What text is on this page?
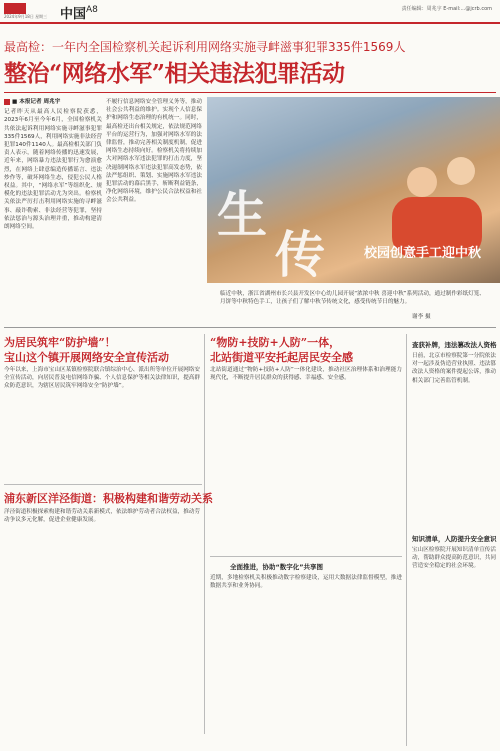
2024年9月18日 星期三 中国 A8	责任编辑：周兆宇 E-mail:...@jcrb.com
最高检：一年内全国检察机关起诉利用网络实施寻衅滋事犯罪335件1569人
整治“网络水军”相关违法犯罪活动
■ 本报记者 周兆宇
记者昨天从最高人民检察院获悉，2023年6月至今年6月，全国检察机关共依法起诉利用网络实施寻衅滋事犯罪335件1569人，利用网络实施非法经营犯罪140件1140人。最高检相关部门负责人表示，随着网络传播的迅速发展，近年来，网络暴力违法犯罪行为愈演愈烈，在网络上肆意编造传播谣言、违法炒作等，破坏网络生态，侵犯公民人格权益。其中，“网络水军”等组织化、规模化的违法犯罪活动尤为突出。检察机关依法严厉打击利用网络实施的寻衅滋事、敲诈勒索、非法经营等犯罪，坚持依法惩治与源头治理并重，推动构建清朗网络空间。
不履行信息网络安全管理义务等，推动社会公共利益的维护。实现个人信息保护和网络生态治理的有机统一。同时，最高检还出台相关规定，依法规范网络平台的运营行为，加强对网络水军的法律监督，推动完善相关制度机制，促进网络生态持续向好。检察机关将持续加大对网络水军违法犯罪的打击力度，坚决遏制网络水军违法犯罪高发态势，依法严惩组织、策划、实施网络水军违法犯罪活动的幕后黑手，斩断利益链条，净化网络环境，维护公民合法权益和社会公共利益。	生
传	校园创意手工迎中秋
临近中秋，浙江省湖州市长兴县开发区中心幼儿园开展“浓浓中秋 喜迎中秋”系列活动，通过制作彩纸灯笼、月饼等中秋特色手工，让孩子们了解中秋节传统文化，感受传统节日的魅力。
谢李 摄
为居民筑牢“防护墙”！
宝山这个镇开展网络安全宣传活动
今年以来，上海市宝山区某镇检察院联合镇综治中心、派出所等单位开展网络安全宣传活动，向居民普及电信网络诈骗、个人信息保护等相关法律知识，提高群众防范意识，为辖区居民筑牢网络安全“防护墙”。
“物防+技防+人防”一体，
北站街道平安托起居民安全感
北站街道通过“物防+技防+人防”一体化建设，推动社区治理体系和治理能力现代化，不断提升居民群众的获得感、幸福感、安全感。
浦东新区洋泾街道：积极构建和谐劳动关系
洋泾街道积极探索构建和谐劳动关系新模式，依法维护劳动者合法权益，推动劳动争议多元化解，促进企业健康发展。
查获补牌，违法篡改法人资格
日前，北京市检察院第一分院依法对一起涉及伪造营业执照、违法篡改法人资格的案件提起公诉，推动相关部门完善监管机制。
全面推进，协助“数字化”共享图
近期，多地检察机关积极推动数字检察建设，运用大数据法律监督模型，推进数据共享和业务协同。
知识清单，人防提升安全意识
宝山区检察院开展知识清单宣传活动，帮助群众提高防范意识，共同营造安全稳定的社会环境。
